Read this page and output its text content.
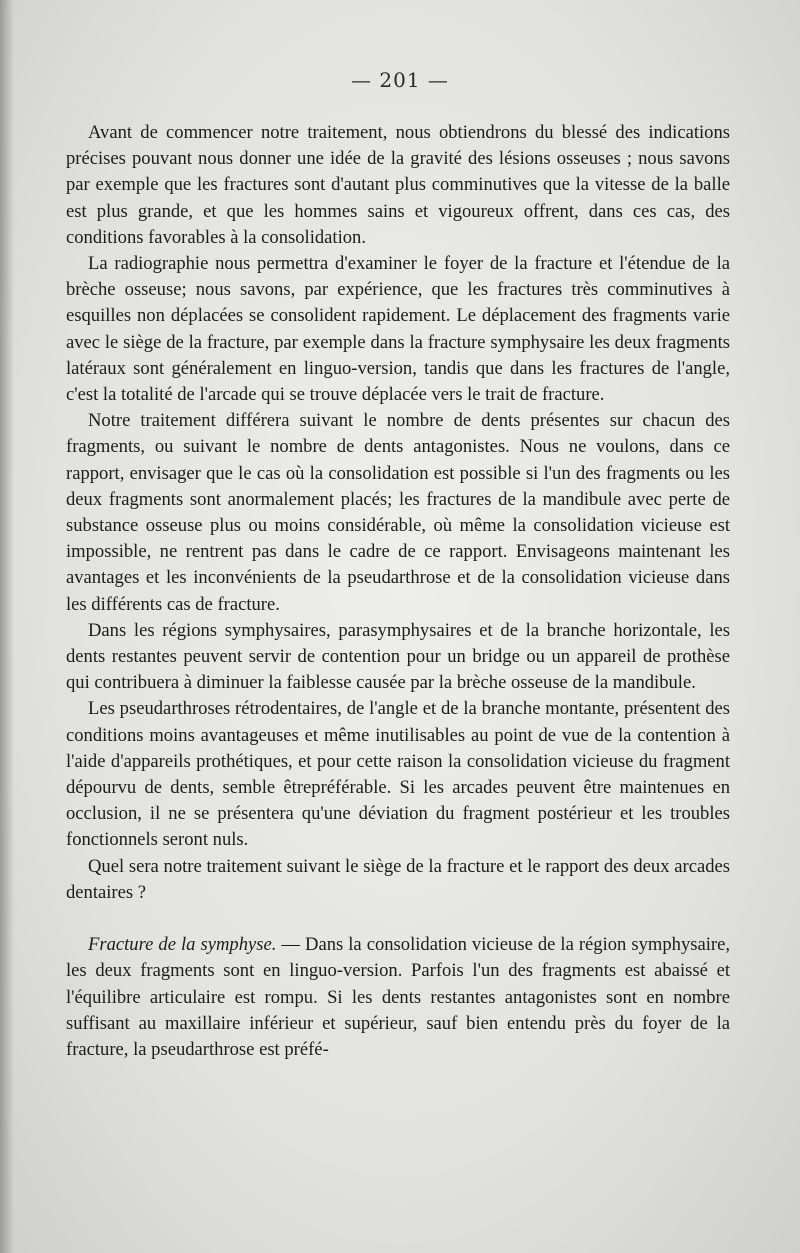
— 201 —

Avant de commencer notre traitement, nous obtiendrons du blessé des indications précises pouvant nous donner une idée de la gravité des lésions osseuses ; nous savons par exemple que les fractures sont d'autant plus comminutives que la vitesse de la balle est plus grande, et que les hommes sains et vigoureux offrent, dans ces cas, des conditions favorables à la consolidation.

La radiographie nous permettra d'examiner le foyer de la fracture et l'étendue de la brèche osseuse; nous savons, par expérience, que les fractures très comminutives à esquilles non déplacées se consolident rapidement. Le déplacement des fragments varie avec le siège de la fracture, par exemple dans la fracture symphysaire les deux fragments latéraux sont généralement en linguo-version, tandis que dans les fractures de l'angle, c'est la totalité de l'arcade qui se trouve déplacée vers le trait de fracture.

Notre traitement différera suivant le nombre de dents présentes sur chacun des fragments, ou suivant le nombre de dents antagonistes. Nous ne voulons, dans ce rapport, envisager que le cas où la consolidation est possible si l'un des fragments ou les deux fragments sont anormalement placés; les fractures de la mandibule avec perte de substance osseuse plus ou moins considérable, où même la consolidation vicieuse est impossible, ne rentrent pas dans le cadre de ce rapport. Envisageons maintenant les avantages et les inconvénients de la pseudarthrose et de la consolidation vicieuse dans les différents cas de fracture.

Dans les régions symphysaires, parasymphysaires et de la branche horizontale, les dents restantes peuvent servir de contention pour un bridge ou un appareil de prothèse qui contribuera à diminuer la faiblesse causée par la brèche osseuse de la mandibule.

Les pseudarthroses rétrodentaires, de l'angle et de la branche montante, présentent des conditions moins avantageuses et même inutilisables au point de vue de la contention à l'aide d'appareils prothétiques, et pour cette raison la consolidation vicieuse du fragment dépourvu de dents, semble êtrepréférable. Si les arcades peuvent être maintenues en occlusion, il ne se présentera qu'une déviation du fragment postérieur et les troubles fonctionnels seront nuls.

Quel sera notre traitement suivant le siège de la fracture et le rapport des deux arcades dentaires ?

Fracture de la symphyse. — Dans la consolidation vicieuse de la région symphysaire, les deux fragments sont en linguo-version. Parfois l'un des fragments est abaissé et l'équilibre articulaire est rompu. Si les dents restantes antagonistes sont en nombre suffisant au maxillaire inférieur et supérieur, sauf bien entendu près du foyer de la fracture, la pseudarthrose est préfé-
